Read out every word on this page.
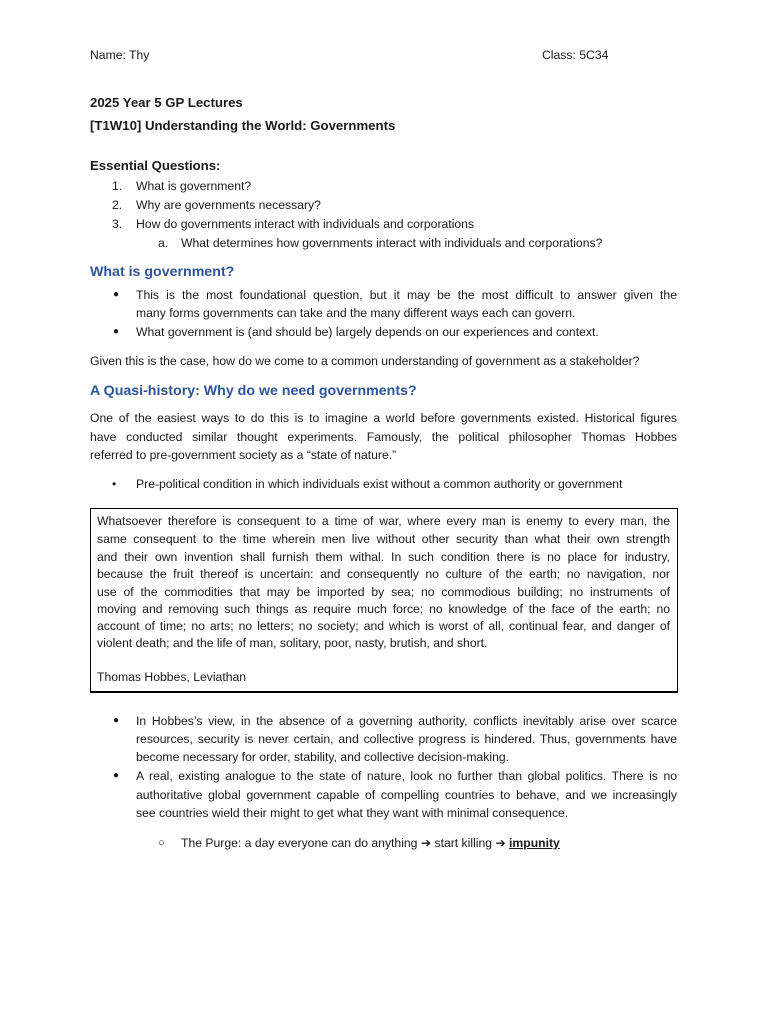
Name: Thy	Class: 5C34
2025 Year 5 GP Lectures
[T1W10] Understanding the World: Governments
Essential Questions:
1. What is government?
2. Why are governments necessary?
3. How do governments interact with individuals and corporations
a. What determines how governments interact with individuals and corporations?
What is government?
● This is the most foundational question, but it may be the most difficult to answer given the
many forms governments can take and the many different ways each can govern.
● What government is (and should be) largely depends on our experiences and context.
Given this is the case, how do we come to a common understanding of government as a stakeholder?
A Quasi-history: Why do we need governments?
One of the easiest ways to do this is to imagine a world before governments existed. Historical figures
have conducted similar thought experiments. Famously, the political philosopher Thomas Hobbes
referred to pre-government society as a “state of nature.”
• Pre-political condition in which individuals exist without a common authority or government
Whatsoever therefore is consequent to a time of war, where every man is enemy to every man, the
same consequent to the time wherein men live without other security than what their own strength
and their own invention shall furnish them withal. In such condition there is no place for industry,
because the fruit thereof is uncertain: and consequently no culture of the earth; no navigation, nor
use of the commodities that may be imported by sea; no commodious building; no instruments of
moving and removing such things as require much force; no knowledge of the face of the earth; no
account of time; no arts; no letters; no society; and which is worst of all, continual fear, and danger of
violent death; and the life of man, solitary, poor, nasty, brutish, and short.
Thomas Hobbes, Leviathan
● In Hobbes’s view, in the absence of a governing authority, conflicts inevitably arise over scarce
resources, security is never certain, and collective progress is hindered. Thus, governments have
become necessary for order, stability, and collective decision-making.
● A real, existing analogue to the state of nature, look no further than global politics. There is no
authoritative global government capable of compelling countries to behave, and we increasingly
see countries wield their might to get what they want with minimal consequence.
○ The Purge: a day everyone can do anything ➔ start killing ➔ impunity
